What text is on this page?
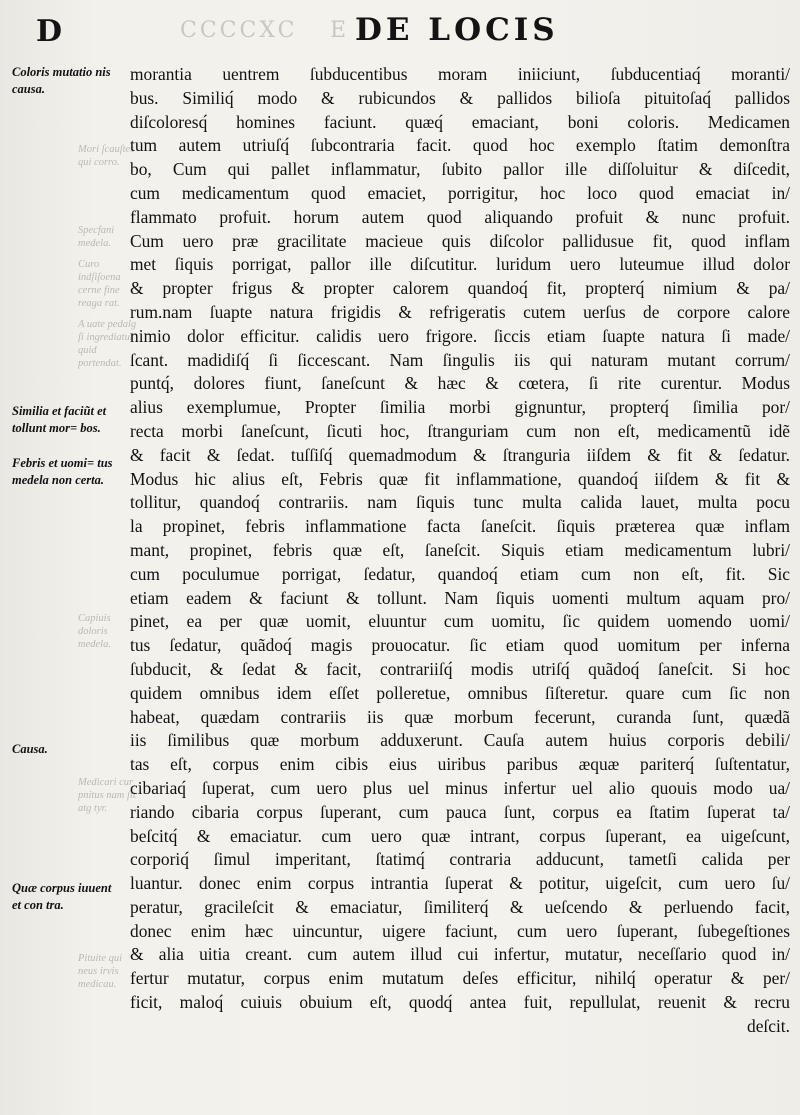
D	CCCCXC E DE LOCIS
Coloris mutatio nis causa.
Similia et faciũt et tollunt mor= bos.
Febris et uomi= tus medela non certa.
Causa.
Quæ corpus iuuent et con tra.
Mori ſcauſtes qui corro.
Specfani medela.
Curo indſiſoena cerne fine reaga rat.
A uate pedalg ſi ingrediatur quid portendat.
Capiuis doloris medela.
Medicari cur pnitus nam ſit atg tyr.
Pituite qui neus irvis medicau.
morantia uentrem ſubducentibus moram iniiciunt, ſubducentiaq́ moranti/
bus. Similiq́ modo & rubicundos & pallidos bilioſa pituitoſaq́ pallidos
diſcoloresq́ homines faciunt. quæq́ emaciant, boni coloris. Medicamen
tum autem utriuſq́ ſubcontraria facit. quod hoc exemplo ſtatim demonſtra
bo, Cum qui pallet inflammatur, ſubito pallor ille diſſoluitur & diſcedit,
cum medicamentum quod emaciet, porrigitur, hoc loco quod emaciat in/
flammato profuit. horum autem quod aliquando profuit & nunc profuit.
Cum uero præ gracilitate macieue quis diſcolor pallidusue fit, quod inflam
met ſiquis porrigat, pallor ille diſcutitur. luridum uero luteumue illud dolor
& propter frigus & propter calorem quandoq́ fit, propterq́ nimium & pa/
rum.nam ſuapte natura frigidis & refrigeratis cutem uerſus de corpore calore
nimio dolor efficitur. calidis uero frigore. ſiccis etiam ſuapte natura ſi made/
ſcant. madidiſq́ ſi ſiccescant. Nam ſingulis iis qui naturam mutant corrum/
puntq́, dolores fiunt, ſaneſcunt & hæc & cœtera, ſi rite curentur. Modus
alius exemplumue, Propter ſimilia morbi gignuntur, propterq́ ſimilia por/
recta morbi ſaneſcunt, ſicuti hoc, ſtranguriam cum non eſt, medicamentũ idẽ
& facit & ſedat. tuſſiſq́ quemadmodum & ſtranguria iiſdem & fit & ſedatur.
Modus hic alius eſt, Febris quæ fit inflammatione, quandoq́ iiſdem & fit &
tollitur, quandoq́ contrariis. nam ſiquis tunc multa calida lauet, multa pocu
la propinet, febris inflammatione facta ſaneſcit. ſiquis præterea quæ inflam
mant, propinet, febris quæ eſt, ſaneſcit. Siquis etiam medicamentum lubri/
cum poculumue porrigat, ſedatur, quandoq́ etiam cum non eſt, fit. Sic
etiam eadem & faciunt & tollunt. Nam ſiquis uomenti multum aquam pro/
pinet, ea per quæ uomit, eluuntur cum uomitu, ſic quidem uomendo uomi/
tus ſedatur, quãdoq́ magis prouocatur. ſic etiam quod uomitum per inferna
ſubducit, & ſedat & facit, contrariiſq́ modis utriſq́ quãdoq́ ſaneſcit. Si hoc
quidem omnibus idem eſſet polleretue, omnibus ſiſteretur. quare cum ſic non
habeat, quædam contrariis iis quæ morbum fecerunt, curanda ſunt, quædã
iis ſimilibus quæ morbum adduxerunt. Cauſa autem huius corporis debili/
tas eſt, corpus enim cibis eius uiribus paribus æquæ pariterq́ ſuſtentatur,
cibariaq́ ſuperat, cum uero plus uel minus infertur uel alio quouis modo ua/
riando cibaria corpus ſuperant, cum pauca ſunt, corpus ea ſtatim ſuperat ta/
beſcitq́ & emaciatur. cum uero quæ intrant, corpus ſuperant, ea uigeſcunt,
corporiq́ ſimul imperitant, ſtatimq́ contraria adducunt, tametſi calida per
luantur. donec enim corpus intrantia ſuperat & potitur, uigeſcit, cum uero ſu/
peratur, gracileſcit & emaciatur, ſimiliterq́ & ueſcendo & perluendo facit,
donec enim hæc uincuntur, uigere faciunt, cum uero ſuperant, ſubegeſtiones
& alia uitia creant. cum autem illud cui infertur, mutatur, neceſſario quod in/
fertur mutatur, corpus enim mutatum deſes efficitur, nihilq́ operatur & per/
ficit, maloq́ cuiuis obuium eſt, quodq́ antea fuit, repullulat, reuenit & recru
deſcit.
